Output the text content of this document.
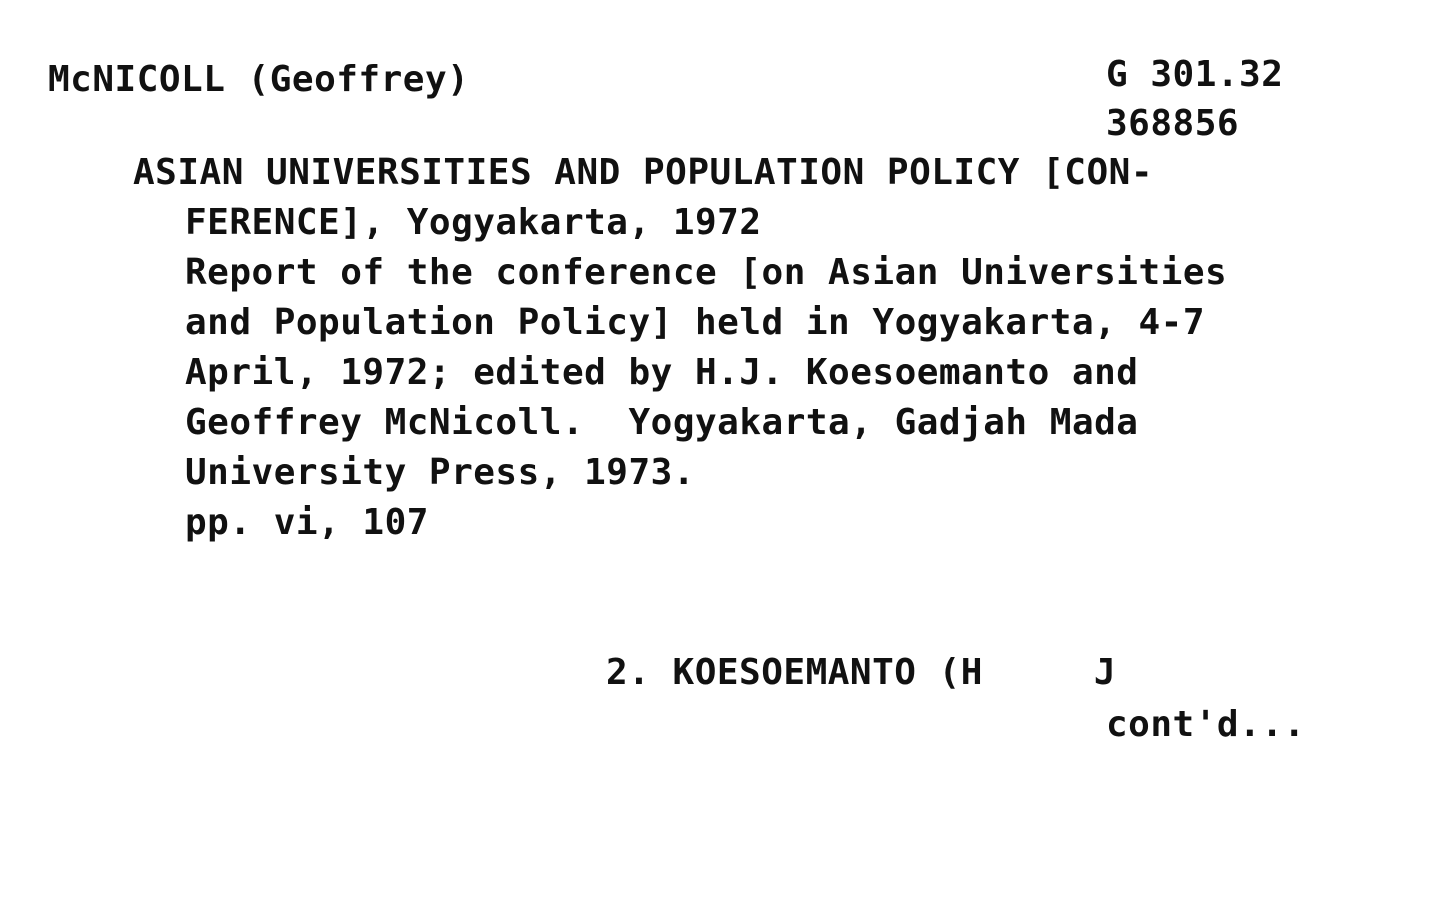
McNICOLL (Geoffrey)	G 301.32
368856
ASIAN UNIVERSITIES AND POPULATION POLICY [CON-
FERENCE], Yogyakarta, 1972
Report of the conference [on Asian Universities
and Population Policy] held in Yogyakarta, 4-7
April, 1972; edited by H.J. Koesoemanto and
Geoffrey McNicoll.  Yogyakarta, Gadjah Mada
University Press, 1973.
pp. vi, 107
2. KOESOEMANTO (H     J
cont'd...
